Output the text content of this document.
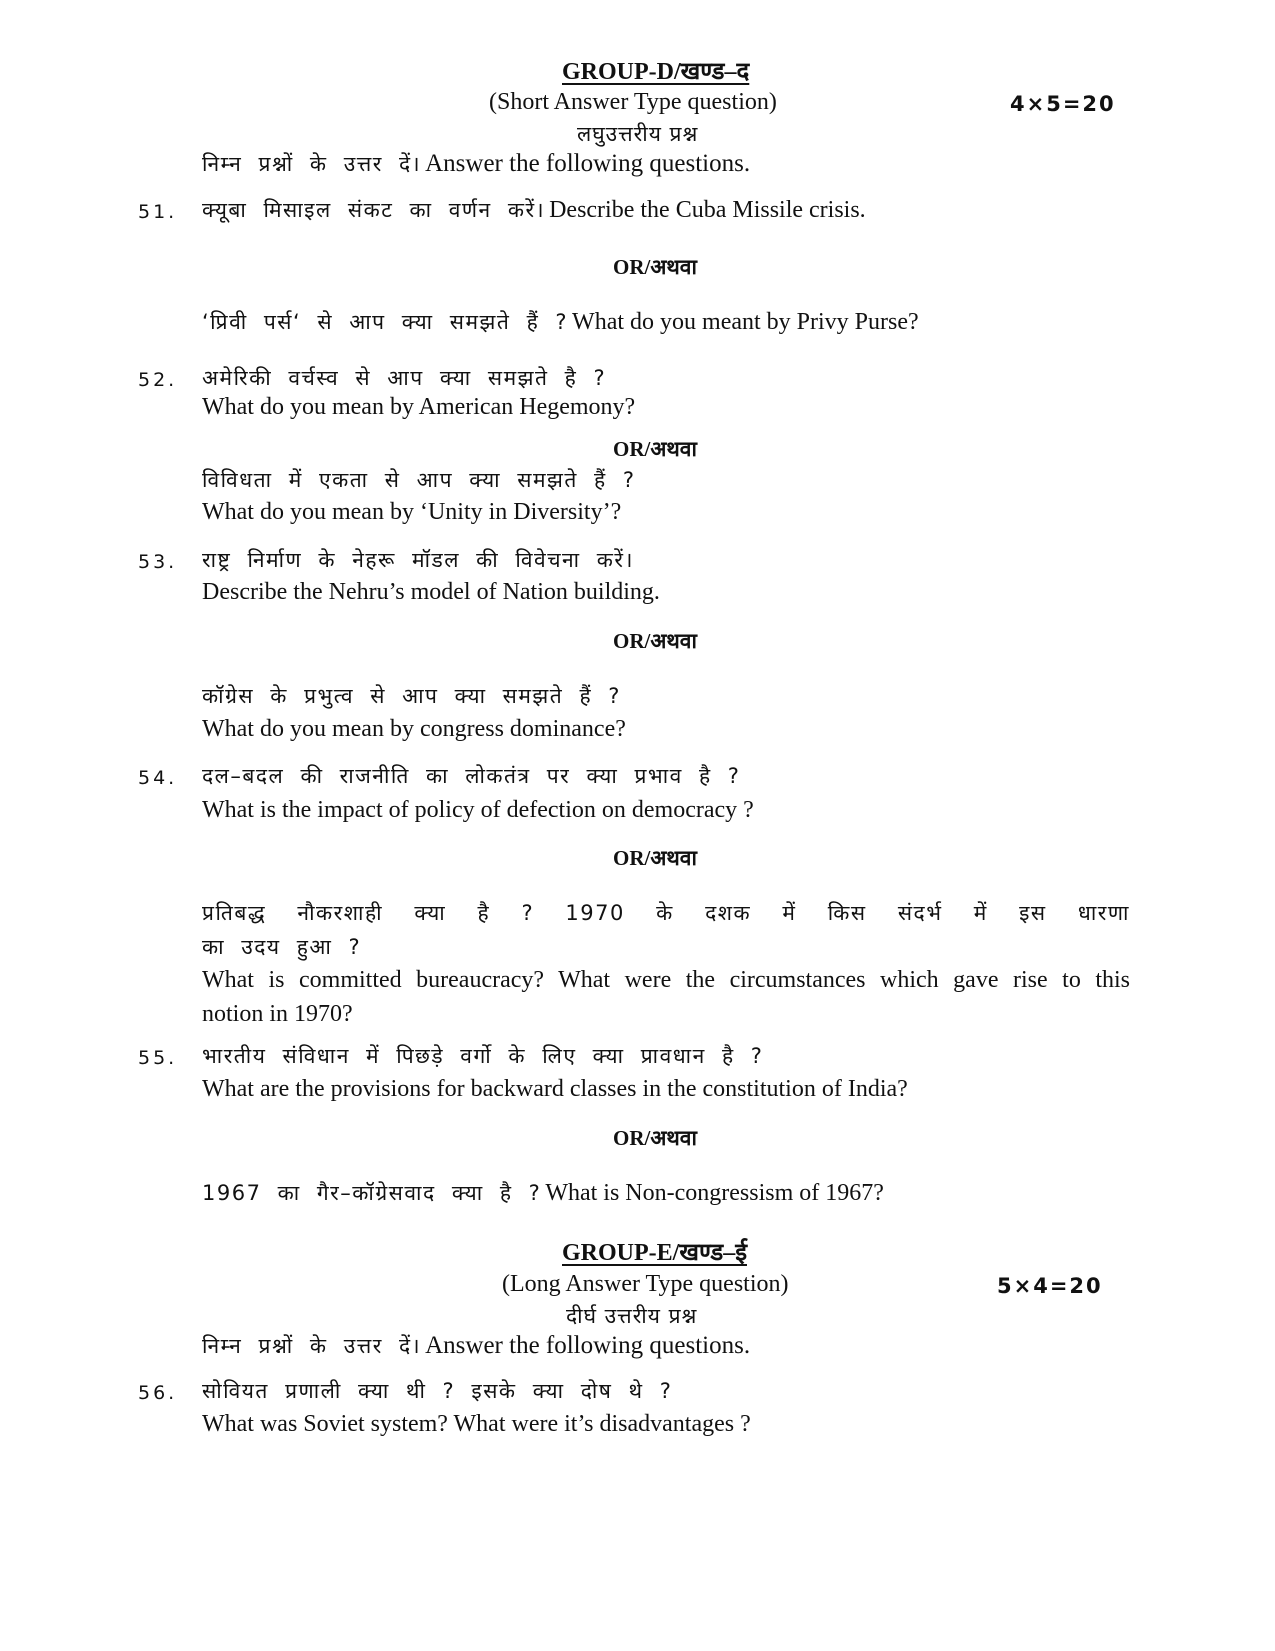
GROUP-D/खण्ड–द
(Short Answer Type question)	4×5=20
लघुउत्तरीय प्रश्न
निम्न प्रश्नों के उत्तर दें। Answer the following questions.
51. क्यूबा मिसाइल संकट का वर्णन करें। Describe the Cuba Missile crisis.
OR/अथवा
‘प्रिवी पर्स‘ से आप क्या समझते हैं ? What do you meant by Privy Purse?
52. अमेरिकी वर्चस्व से आप क्या समझते है ?
What do you mean by American Hegemony?
OR/अथवा
विविधता में एकता से आप क्या समझते हैं ?
What do you mean by ‘Unity in Diversity’?
53. राष्ट्र निर्माण के नेहरू मॉडल की विवेचना करें।
Describe the Nehru’s model of Nation building.
OR/अथवा
कॉग्रेस के प्रभुत्व से आप क्या समझते हैं ?
What do you mean by congress dominance?
54. दल–बदल की राजनीति का लोकतंत्र पर क्या प्रभाव है ?
What is the impact of policy of defection on democracy ?
OR/अथवा
प्रतिबद्ध नौकरशाही क्या है ? 1970 के दशक में किस संदर्भ में इस धारणा
का उदय हुआ ?
What is committed bureaucracy? What were the circumstances which gave rise to this
notion in 1970?
55. भारतीय संविधान में पिछड़े वर्गो के लिए क्या प्रावधान है ?
What are the provisions for backward classes in the constitution of India?
OR/अथवा
1967 का गैर–कॉग्रेसवाद क्या है ? What is Non-congressism of 1967?
GROUP-E/खण्ड–ई
(Long Answer Type question)	5×4=20
दीर्घ उत्तरीय प्रश्न
निम्न प्रश्नों के उत्तर दें। Answer the following questions.
56. सोवियत प्रणाली क्या थी ? इसके क्या दोष थे ?
What was Soviet system? What were it’s disadvantages ?
